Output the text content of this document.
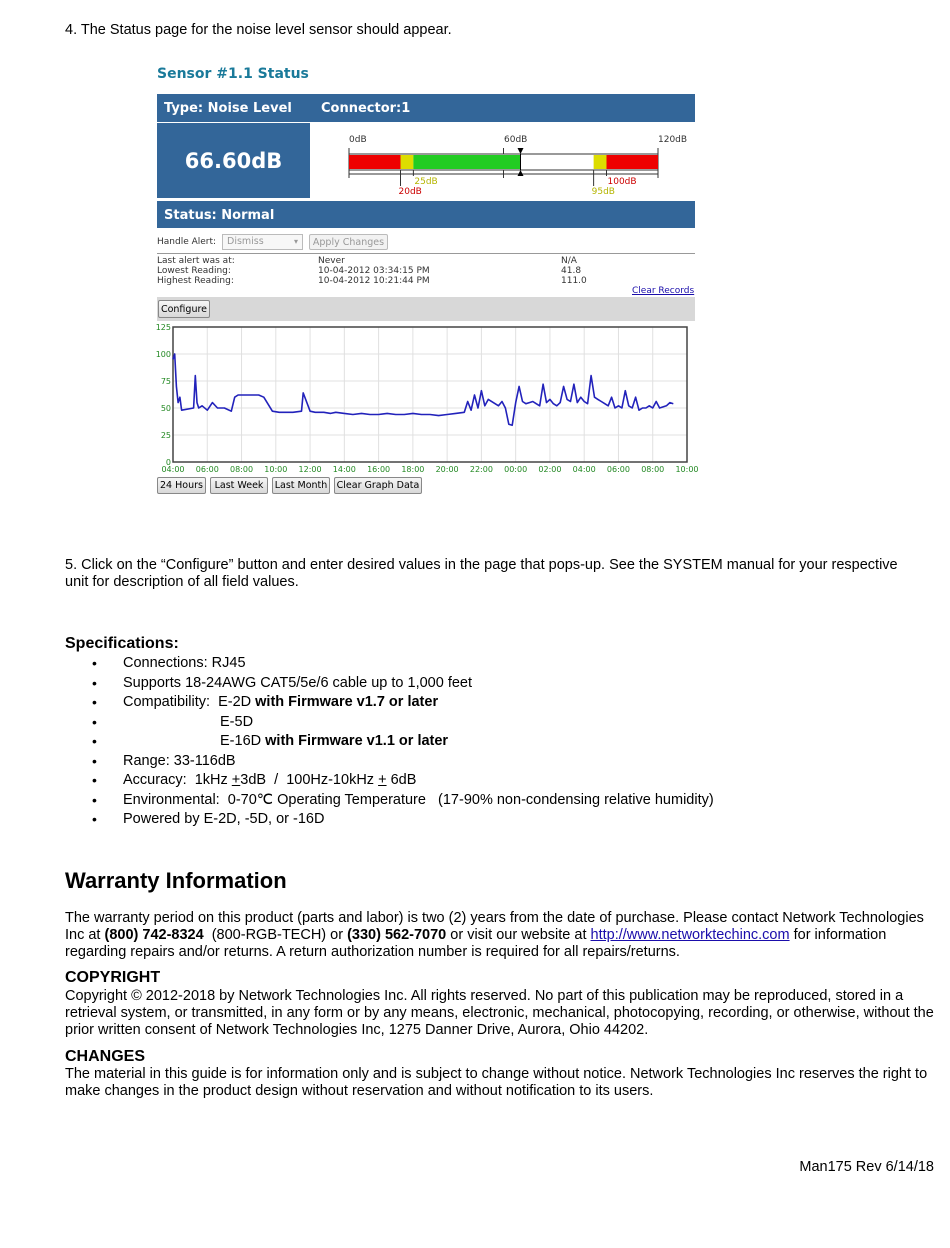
4. The Status page for the noise level sensor should appear.
Sensor #1.1 Status
Type: Noise Level Connector:1
66.60dB
0dB	60dB	120dB
25dB
20dB	95dB
100dB
Status: Normal
Handle Alert:	Dismiss	▾	Apply Changes
Last alert was at:	Never	N/A
Lowest Reading:	10-04-2012 03:34:15 PM	41.8
Highest Reading:	10-04-2012 10:21:44 PM	111.0
Clear Records
Configure
0
25
50
75
100
125
04:00 06:00 08:00 10:00 12:00 14:00 16:00 18:00 20:00 22:00 00:00 02:00 04:00 06:00 08:00 10:00
24 Hours	Last Week	Last Month Clear Graph Data
5. Click on the “Configure” button and enter desired values in the page that pops-up. See the SYSTEM manual for your respective unit for description of all field values.
Specifications:
• Connections: RJ45
• Supports 18-24AWG CAT5/5e/6 cable up to 1,000 feet
• Compatibility:  E-2D with Firmware v1.7 or later
• E-5D
• E-16D with Firmware v1.1 or later
• Range: 33-116dB
• Accuracy:  1kHz +3dB  /  100Hz-10kHz + 6dB
• Environmental:  0-70℃ Operating Temperature   (17-90% non-condensing relative humidity)
• Powered by E-2D, -5D, or -16D
Warranty Information
The warranty period on this product (parts and labor) is two (2) years from the date of purchase. Please contact Network Technologies Inc at (800) 742-8324  (800-RGB-TECH) or (330) 562-7070 or visit our website at http://www.networktechinc.com for information regarding repairs and/or returns. A return authorization number is required for all repairs/returns.
COPYRIGHT
Copyright © 2012-2018 by Network Technologies Inc. All rights reserved. No part of this publication may be reproduced, stored in a retrieval system, or transmitted, in any form or by any means, electronic, mechanical, photocopying, recording, or otherwise, without the prior written consent of Network Technologies Inc, 1275 Danner Drive, Aurora, Ohio 44202.
CHANGES
The material in this guide is for information only and is subject to change without notice. Network Technologies Inc reserves the right to make changes in the product design without reservation and without notification to its users.
Man175 Rev 6/14/18
